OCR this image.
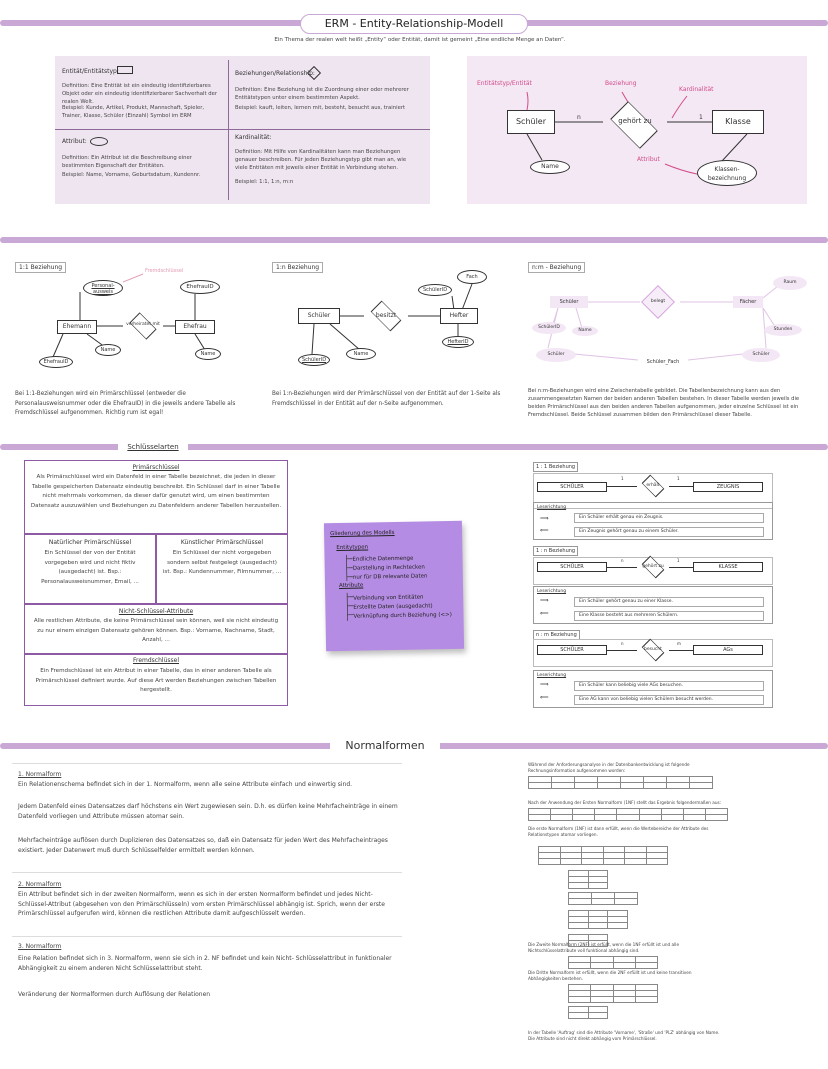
ERM - Entity-Relationship-Modell
Ein Thema der realen welt heißt „Entity“ oder Entität, damit ist gemeint „Eine endliche Menge an Daten“.
Entität/Entitätstyp:
Definition: Eine Entität ist ein eindeutig identifizierbares Objekt oder ein eindeutig identifizierbarer Sachverhalt der realen Welt.
Beispiel: Kunde, Artikel, Produkt, Mannschaft, Spieler, Trainer, Klasse, Schüler (Einzahl) Symbol im ERM
Beziehungen/Relationship:
Definition: Eine Beziehung ist die Zuordnung einer oder mehrerer Entitätstypen unter einem bestimmten Aspekt.
Beispiel: kauft, leiten, lernen mit, besteht, besucht aus, trainiert
Attribut:
Definition: Ein Attribut ist die Beschreibung einer bestimmten Eigenschaft der Entitäten.
Beispiel: Name, Vorname, Geburtsdatum, Kundennr.
Kardinalität:
Definition: Mit Hilfe von Kardinalitäten kann man Beziehungen genauer beschreiben. Für jeden Beziehungstyp gibt man an, wie viele Entitäten mit jeweils einer Entität in Verbindung stehen.
Beispiel: 1:1, 1:n, m:n
Entitätstyp/Entität	Beziehung
Kardinalität
Attribut
Schüler	gehört zu	Klasse
n	1
Name	Klassen-bezeichnung
1:1 Beziehung
Personal-ausweis
EhefrauID
Fremdschlüssel
Ehemann	verheiratet mit	Ehefrau
Name
Name
EhefrauID
Bei 1:1-Beziehungen wird ein Primärschlüssel (entweder die Personalausweisnummer oder die EhefrauID) in die jeweils andere Tabelle als Fremdschlüssel aufgenommen. Richtig rum ist egal!
1:n Beziehung
Fach
SchülerID
Schüler	besitzt	Hefter
Name
SchülerID
HefterID
Bei 1:n-Beziehungen wird der Primärschlüssel von der Entität auf der 1-Seite als Fremdschlüssel in der Entität auf der n-Seite aufgenommen.
n:m - Beziehung
Schüler	belegt	Fächer
SchülerID
Name
Raum
Stunden
Schüler
Schüler_Fach
Schüler
Bei n:m-Beziehungen wird eine Zwischentabelle gebildet. Die Tabellenbezeichnung kann aus den zusammengesetzten Namen der beiden anderen Tabellen bestehen. In dieser Tabelle werden jeweils die beiden Primärschlüssel aus den beiden anderen Tabellen aufgenommen, jeder einzelne Schlüssel ist ein Fremdschlüssel. Beide Schlüssel zusammen bilden den Primärschlüssel dieser Tabelle.
Schlüsselarten
Primärschlüssel
Als Primärschlüssel wird ein Datenfeld in einer Tabelle bezeichnet, die jeden in dieser Tabelle gespeicherten Datensatz eindeutig beschreibt. Ein Schlüssel darf in einer Tabelle nicht mehrmals vorkommen, da dieser dafür genutzt wird, um einen bestimmten Datensatz auszuwählen und Beziehungen zu Datenfeldern anderer Tabellen herzustellen.
Natürlicher Primärschlüssel
Ein Schlüssel der von der Entität vorgegeben wird und nicht fiktiv (ausgedacht) ist. Bsp.: Personalausweisnummer, Email, ...
Künstlicher Primärschlüssel
Ein Schlüssel der nicht vorgegeben sondern selbst festgelegt (ausgedacht) ist. Bsp.: Kundennummer, Filmnummer, ...
Nicht-Schlüssel-Attribute
Alle restlichen Attribute, die keine Primärschlüssel sein können, weil sie nicht eindeutig zu nur einem einzigen Datensatz gehören können. Bsp.: Vorname, Nachname, Stadt, Anzahl, ...
Fremdschlüssel
Ein Fremdschlüssel ist ein Attribut in einer Tabelle, das in einer anderen Tabelle als Primärschlüssel definiert wurde. Auf diese Art werden Beziehungen zwischen Tabellen hergestellt.
Gliederung des Modells
Entitytypen
Endliche Datenmenge
Darstellung in Rechtecken
nur für DB relevante Daten
Attribute
Verbindung von Entitäten
Erstellte Daten (ausgedacht)
Verknüpfung durch Beziehung (<>)
1 : 1 Beziehung
SCHÜLER	erhält	ZEUGNIS
1	1
Leserichtung
⟹	Ein Schüler erhält genau ein Zeugnis.
⟸	Ein Zeugnis gehört genau zu einem Schüler.
1 : n Beziehung
SCHÜLER	gehört zu	KLASSE
n	1
Leserichtung
⟹	Ein Schüler gehört genau zu einer Klasse.
⟸	Eine Klasse besteht aus mehreren Schülern.
n : m Beziehung
SCHÜLER	besucht	AGs
n	m
Leserichtung
⟹	Ein Schüler kann beliebig viele AGs besuchen.
⟸	Eine AG kann von beliebig vielen Schülern besucht werden.
Normalformen
1. Normalform
Ein Relationenschema befindet sich in der 1. Normalform, wenn alle seine Attribute einfach und einwertig sind.
Jedem Datenfeld eines Datensatzes darf höchstens ein Wert zugewiesen sein. D.h. es dürfen keine Mehrfacheinträge in einem Datenfeld vorliegen und Attribute müssen atomar sein.
Mehrfacheinträge auflösen durch Duplizieren des Datensatzes so, daß ein Datensatz für jeden Wert des Mehrfacheintrages existiert. Jeder Datenwert muß durch Schlüsselfelder ermittelt werden können.
2. Normalform
Ein Attribut befindet sich in der zweiten Normalform, wenn es sich in der ersten Normalform befindet und jedes Nicht-Schlüssel-Attribut (abgesehen von den Primärschlüsseln) vom ersten Primärschlüssel abhängig ist. Sprich, wenn der erste Primärschlüssel aufgerufen wird, können die restlichen Attribute damit aufgeschlüsselt werden.
3. Normalform
Eine Relation befindet sich in 3. Normalform, wenn sie sich in 2. NF befindet und kein Nicht- Schlüsselattribut in funktionaler Abhängigkeit zu einem anderen Nicht Schlüsselattribut steht.
Veränderung der Normalformen durch Auflösung der Relationen
Während der Anforderungsanalyse in der Datenbankentwicklung ist folgende Rechnungsinformation aufgenommen worden:

Nach der Anwendung der Ersten Normalform (1NF) stellt das Ergebnis folgendermaßen aus:

Die erste Normalform (1NF) ist dann erfüllt, wenn die Wertebereiche der Attribute des Relationstypen atomar vorliegen.

Die Zweite Normalform (2NF) ist erfüllt, wenn die 1NF erfüllt ist und alle Nichtschlüsselattribute voll funktional abhängig sind.

Die Dritte Normalform ist erfüllt, wenn die 2NF erfüllt ist und keine transitiven Abhängigkeiten bestehen.

In der Tabelle 'Auftrag' sind die Attribute 'Vorname', 'Straße' und 'PLZ' abhängig von Name. Die Attribute sind nicht direkt abhängig vom Primärschlüssel.
